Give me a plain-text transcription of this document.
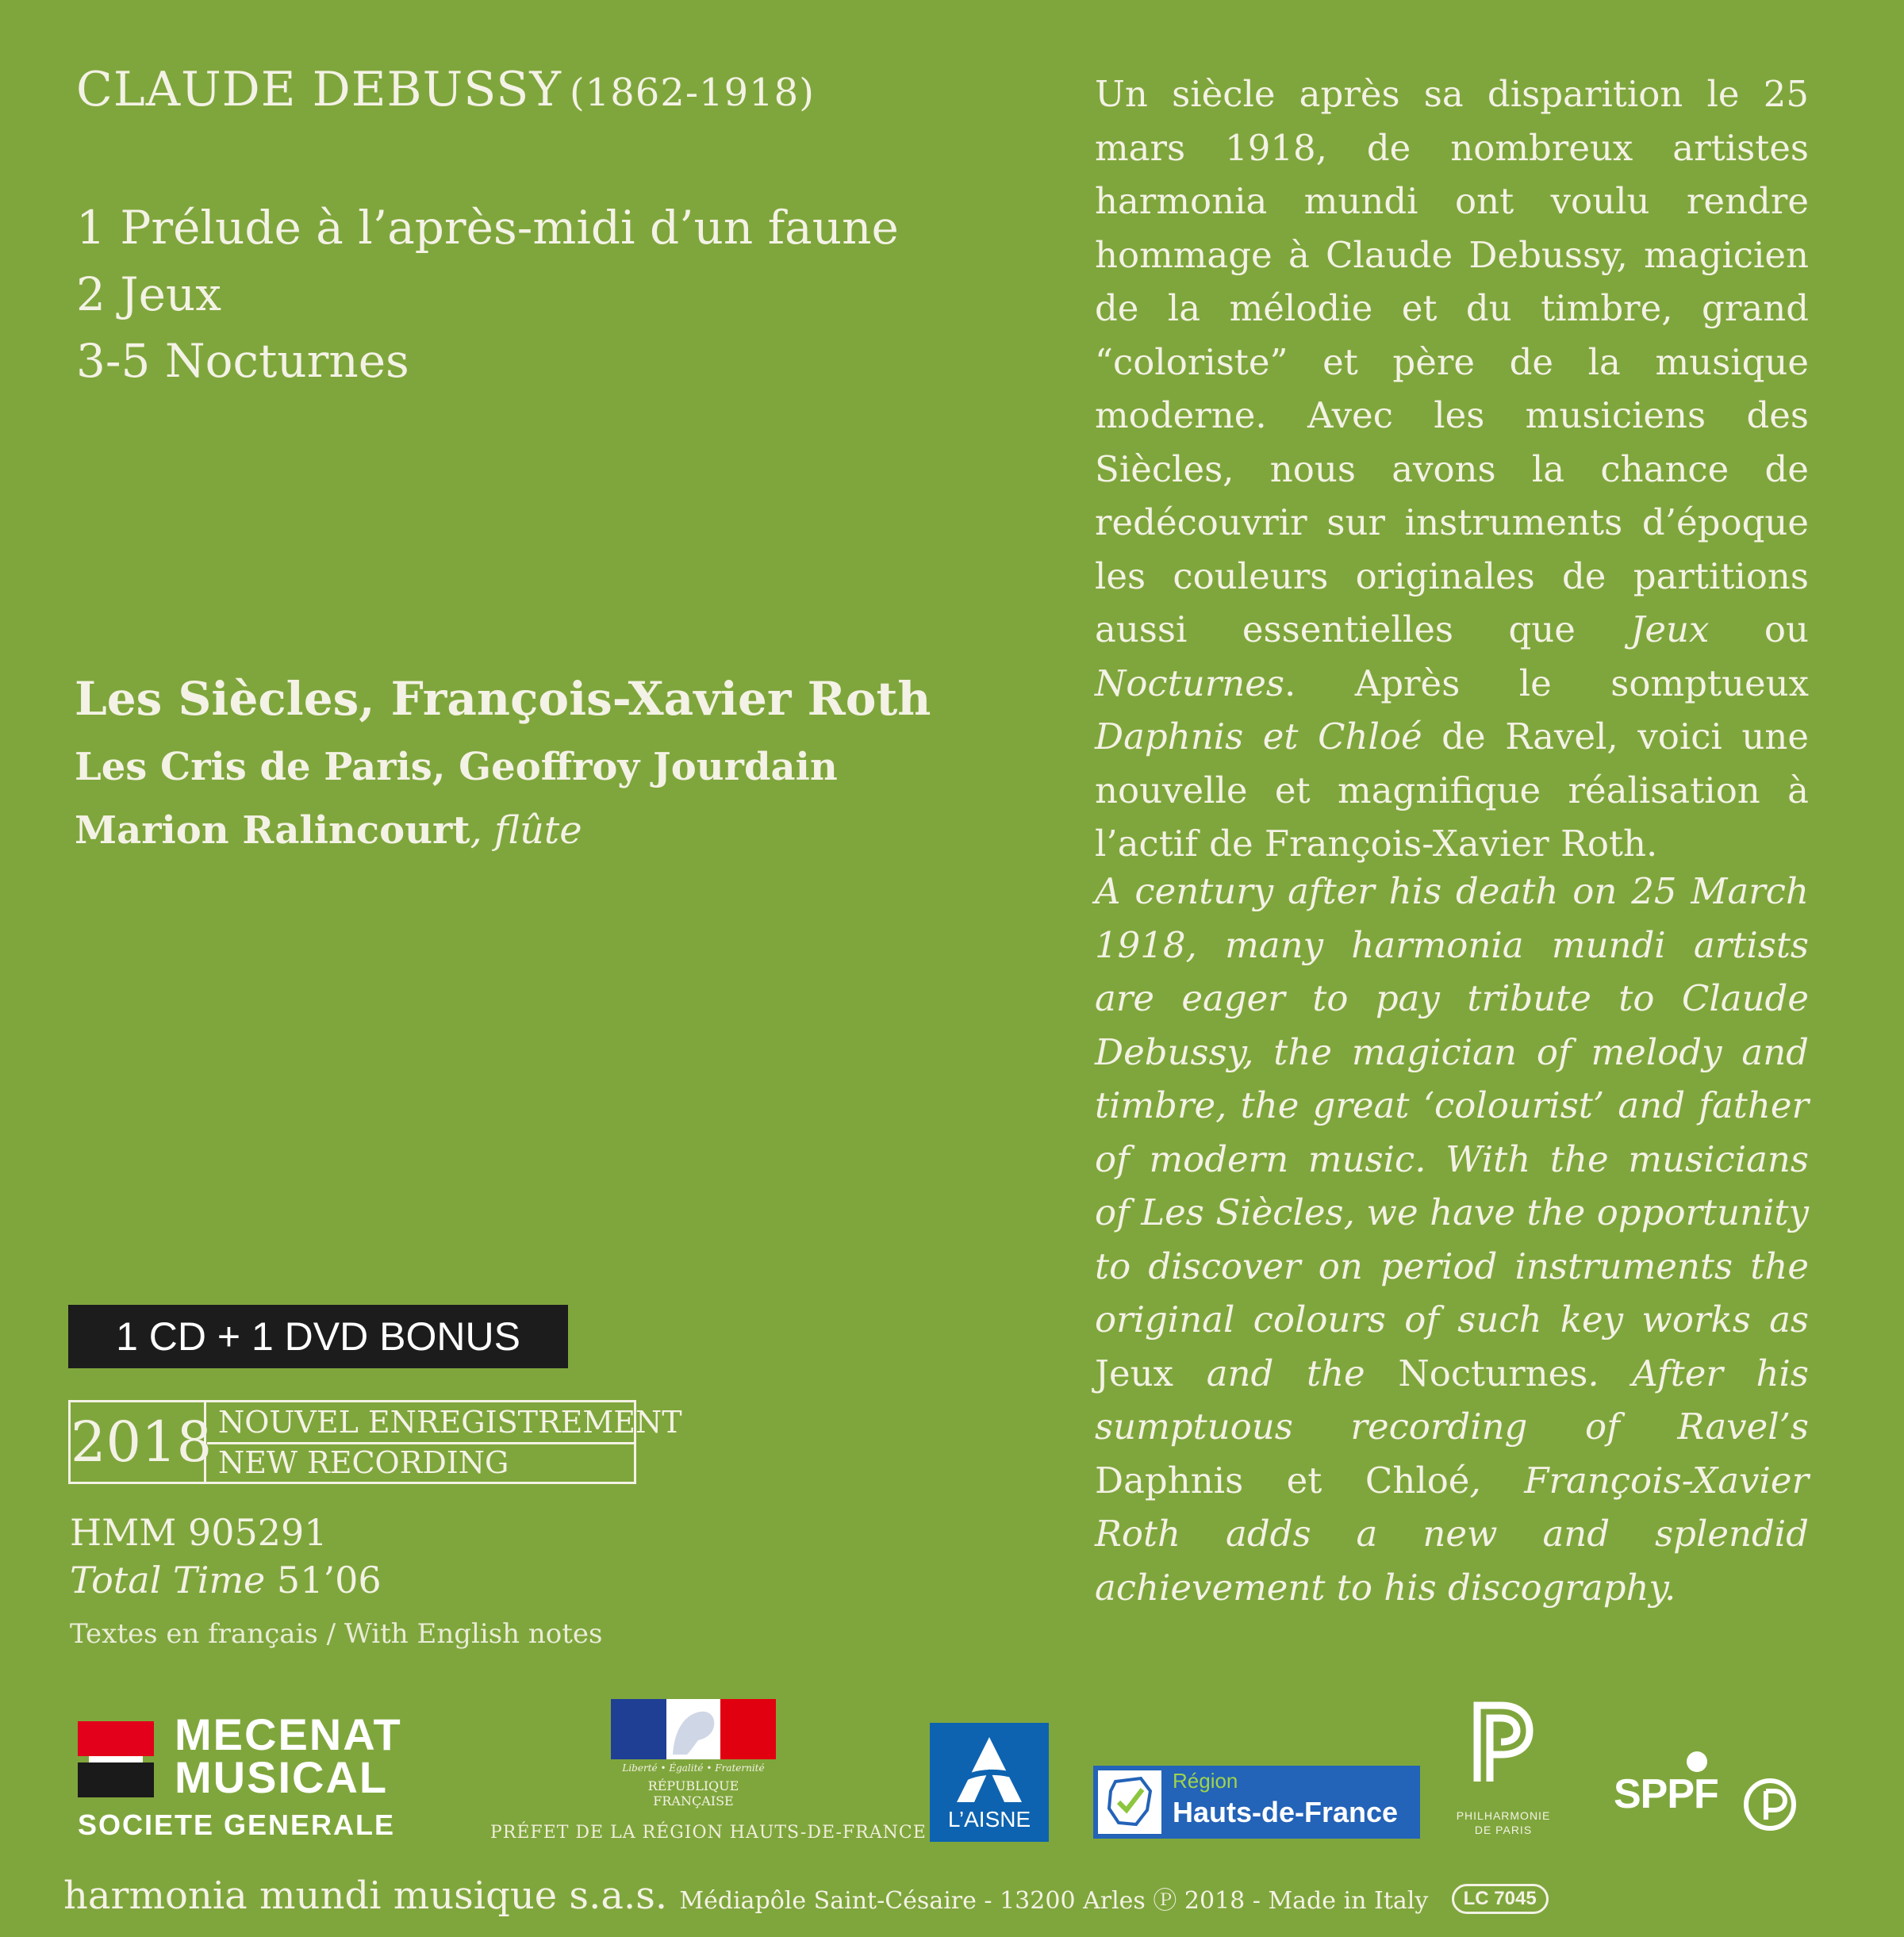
CLAUDE DEBUSSY (1862-1918)
1 Prélude à l’après-midi d’un faune
2 Jeux
3-5 Nocturnes
Les Siècles, François-Xavier Roth
Les Cris de Paris, Geoffroy Jourdain
Marion Ralincourt, flûte
1 CD + 1 DVD BONUS
2018 NOUVEL ENREGISTREMENT
NEW RECORDING
HMM 905291
Total Time 51’06
Textes en français / With English notes
Un siècle après sa disparition le 25 mars 1918, de nombreux artistes harmonia mundi ont voulu rendre hommage à Claude Debussy, magicien de la mélodie et du timbre, grand “coloriste” et père de la musique moderne. Avec les musiciens des Siècles, nous avons la chance de redécouvrir sur instruments d’époque les couleurs originales de partitions aussi essentielles que Jeux ou Nocturnes. Après le somptueux Daphnis et Chloé de Ravel, voici une nouvelle et magnifique réalisation à l’actif de François-Xavier Roth.
A century after his death on 25 March 1918, many harmonia mundi artists are eager to pay tribute to Claude Debussy, the magician of melody and timbre, the great ‘colourist’ and father of modern music. With the musicians of Les Siècles, we have the opportunity to discover on period instruments the original colours of such key works as Jeux and the Nocturnes. After his sumptuous recording of Ravel’s Daphnis et Chloé, François-Xavier Roth adds a new and splendid achievement to his discography.
MECENAT
MUSICAL
SOCIETE GENERALE
Liberté • Égalité • Fraternité
RÉPUBLIQUE FRANÇAISE
PRÉFET DE LA RÉGION HAUTS-DE-FRANCE
L’AISNE
Région
Hauts-de-France	PHILHARMONIE
DE PARIS
SPPF
harmonia mundi musique s.a.s. Médiapôle Saint-Césaire - 13200 Arles Ⓟ 2018 - Made in Italy LC 7045
